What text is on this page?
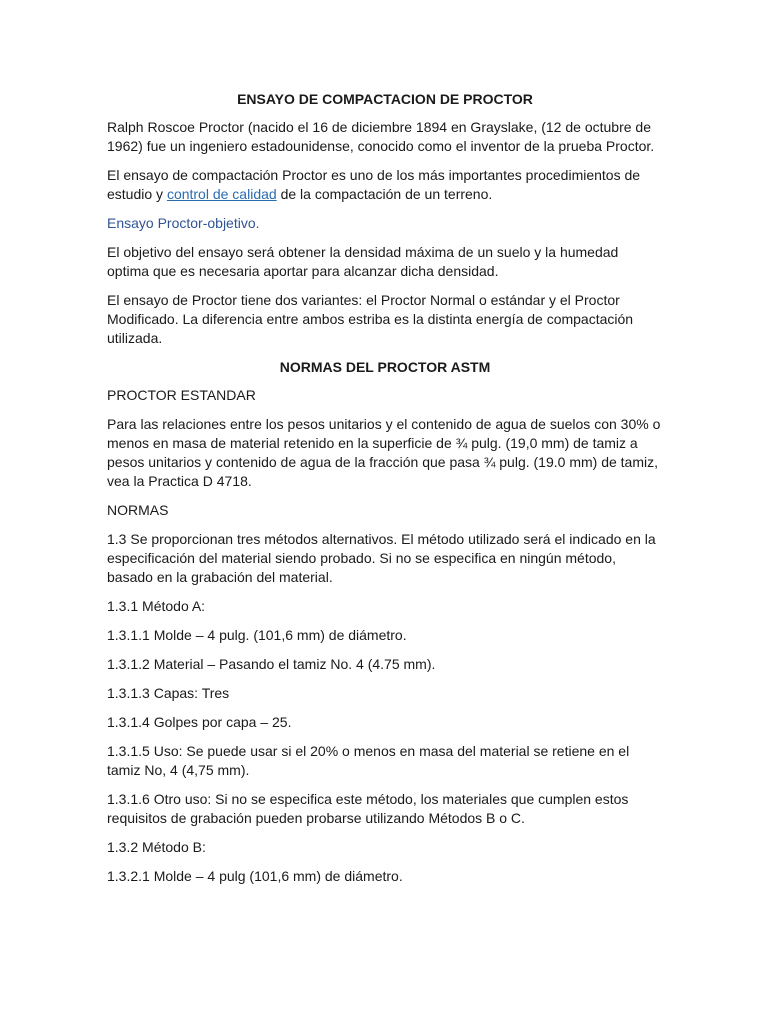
ENSAYO DE COMPACTACION DE PROCTOR
Ralph Roscoe Proctor (nacido el 16 de diciembre 1894 en Grayslake, (12 de octubre de 1962) fue un ingeniero estadounidense, conocido como el inventor de la prueba Proctor.
El ensayo de compactación Proctor es uno de los más importantes procedimientos de estudio y control de calidad de la compactación de un terreno.
Ensayo Proctor-objetivo.
El objetivo del ensayo será obtener la densidad máxima de un suelo y la humedad optima que es necesaria aportar para alcanzar dicha densidad.
El ensayo de Proctor tiene dos variantes: el Proctor Normal o estándar y el Proctor Modificado. La diferencia entre ambos estriba es la distinta energía de compactación utilizada.
NORMAS DEL PROCTOR ASTM
PROCTOR ESTANDAR
Para las relaciones entre los pesos unitarios y el contenido de agua de suelos con 30% o menos en masa de material retenido en la superficie de ¾ pulg. (19,0 mm) de tamiz a pesos unitarios y contenido de agua de la fracción que pasa ¾ pulg. (19.0 mm) de tamiz, vea la Practica D 4718.
NORMAS
1.3 Se proporcionan tres métodos alternativos. El método utilizado será el indicado en la especificación del material siendo probado. Si no se especifica en ningún método, basado en la grabación del material.
1.3.1 Método A:
1.3.1.1 Molde – 4 pulg. (101,6 mm) de diámetro.
1.3.1.2 Material – Pasando el tamiz No. 4 (4.75 mm).
1.3.1.3 Capas: Tres
1.3.1.4 Golpes por capa – 25.
1.3.1.5 Uso: Se puede usar si el 20% o menos en masa del material se retiene en el tamiz No, 4 (4,75 mm).
1.3.1.6 Otro uso: Si no se especifica este método, los materiales que cumplen estos requisitos de grabación pueden probarse utilizando Métodos B o C.
1.3.2 Método B:
1.3.2.1 Molde – 4 pulg (101,6 mm) de diámetro.
